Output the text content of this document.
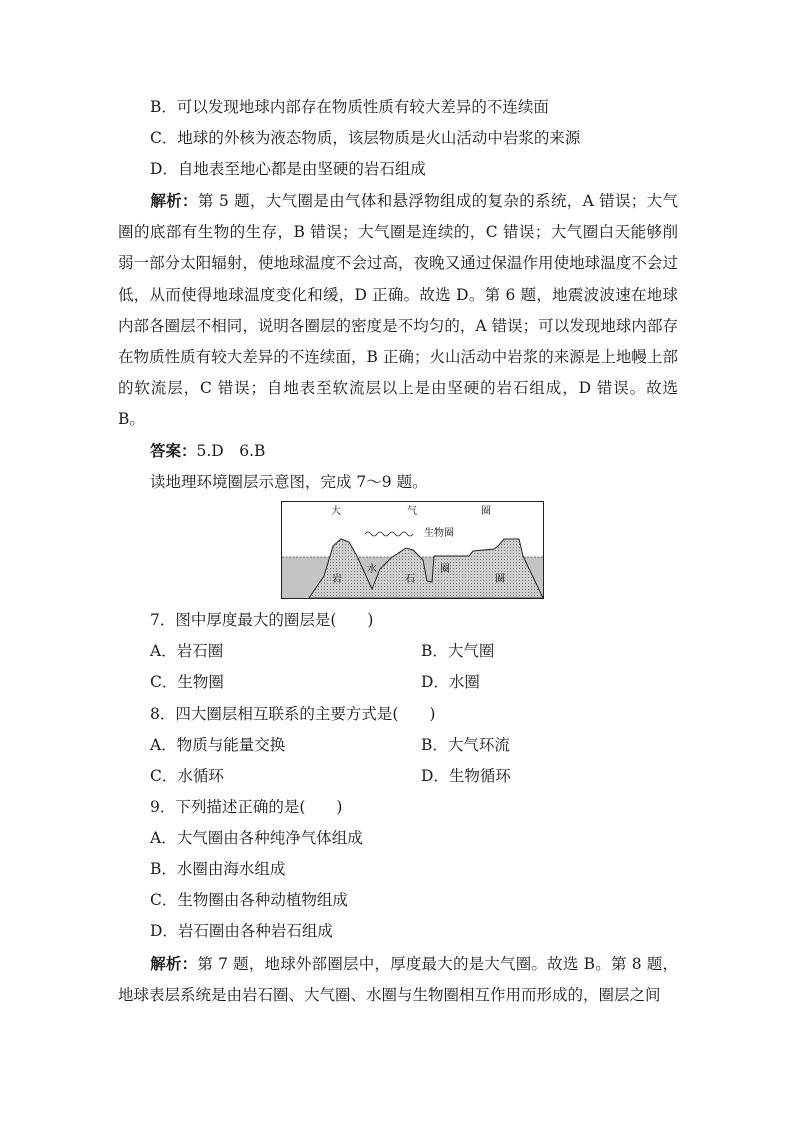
B．可以发现地球内部存在物质性质有较大差异的不连续面
C．地球的外核为液态物质，该层物质是火山活动中岩浆的来源
D．自地表至地心都是由坚硬的岩石组成
解析：第 5 题，大气圈是由气体和悬浮物组成的复杂的系统，A 错误；大气圈的底部有生物的生存，B 错误；大气圈是连续的，C 错误；大气圈白天能够削弱一部分太阳辐射，使地球温度不会过高，夜晚又通过保温作用使地球温度不会过低，从而使得地球温度变化和缓，D 正确。故选 D。第 6 题，地震波波速在地球内部各圈层不相同，说明各圈层的密度是不均匀的，A 错误；可以发现地球内部存在物质性质有较大差异的不连续面，B 正确；火山活动中岩浆的来源是上地幔上部的软流层，C 错误；自地表至软流层以上是由坚硬的岩石组成，D 错误。故选 B。
答案：5.D　6.B
读地理环境圈层示意图，完成 7～9 题。
大	气	圈
生物圈
岩
水
石
圈
圈
7．图中厚度最大的圈层是(　　)
A．岩石圈	B．大气圈
C．生物圈	D．水圈
8．四大圈层相互联系的主要方式是(　　)
A．物质与能量交换	B．大气环流
C．水循环	D．生物循环
9．下列描述正确的是(　　)
A．大气圈由各种纯净气体组成
B．水圈由海水组成
C．生物圈由各种动植物组成
D．岩石圈由各种岩石组成
解析：第 7 题，地球外部圈层中，厚度最大的是大气圈。故选 B。第 8 题，地球表层系统是由岩石圈、大气圈、水圈与生物圈相互作用而形成的，圈层之间
